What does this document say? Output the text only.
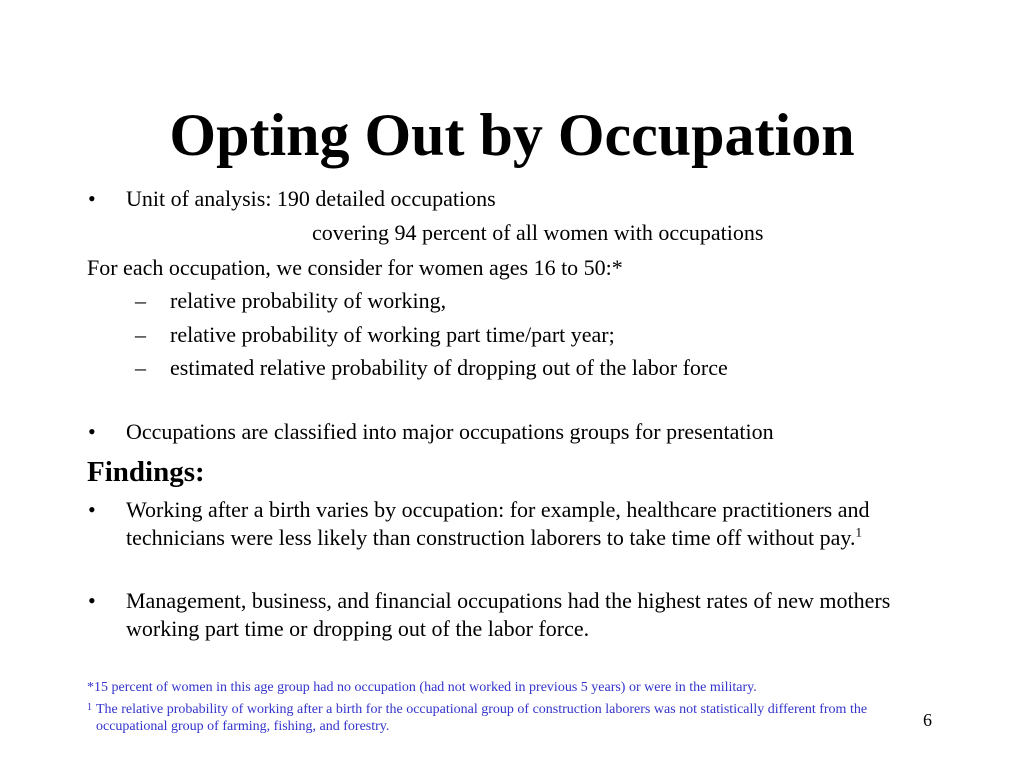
Opting Out by Occupation
• Unit of analysis: 190 detailed occupations
covering 94 percent of all women with occupations
For each occupation, we consider for women ages 16 to 50:*
– relative probability of working,
– relative probability of working part time/part year;
– estimated relative probability of dropping out of the labor force
• Occupations are classified into major occupations groups for presentation
Findings:
• Working after a birth varies by occupation: for example, healthcare practitioners and technicians were less likely than construction laborers to take time off without pay.$^1$
• Management, business, and financial occupations had the highest rates of new mothers working part time or dropping out of the labor force.
*15 percent of women in this age group had no occupation (had not worked in previous 5 years) or were in the military.
1 The relative probability of working after a birth for the occupational group of construction laborers was not statistically different from the occupational group of farming, fishing, and forestry.	6
